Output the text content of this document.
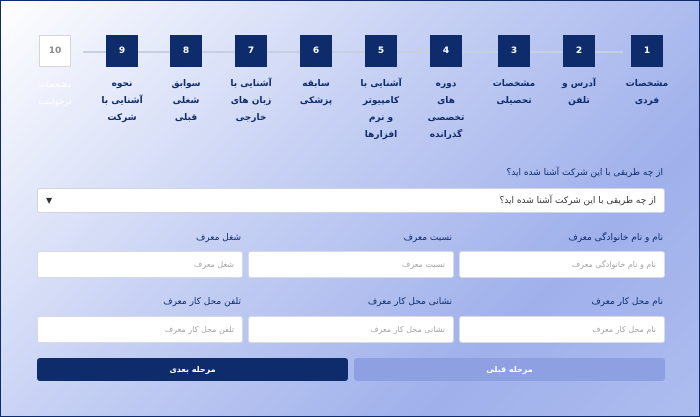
1
مشخصات
فردی
2
آدرس و
تلفن
3
مشخصات
تحصیلی
4
دوره
های
تخصصی
گذرانده
5
آشنایی با
کامپیوتر
و نرم
افزارها
6
سابقه
پزشکی
7
آشنایی با
زبان های
خارجی
8
سوابق
شغلی
قبلی
9
نحوه
آشنایی با
شرکت
10
مشخصات
درخواست
از چه طریقی با این شرکت آشنا شده اید؟
▼	از چه طریقی با این شرکت آشنا شده اید؟
نام و نام خانوادگی معرف
نام و نام خانوادگی معرف
نسبت معرف
نسبت معرف
شغل معرف
شغل معرف
نام محل کار معرف
نام محل کار معرف
نشانی محل کار معرف
نشانی محل کار معرف
تلفن محل کار معرف
تلفن محل کار معرف
مرحله قبلی
مرحله بعدی
